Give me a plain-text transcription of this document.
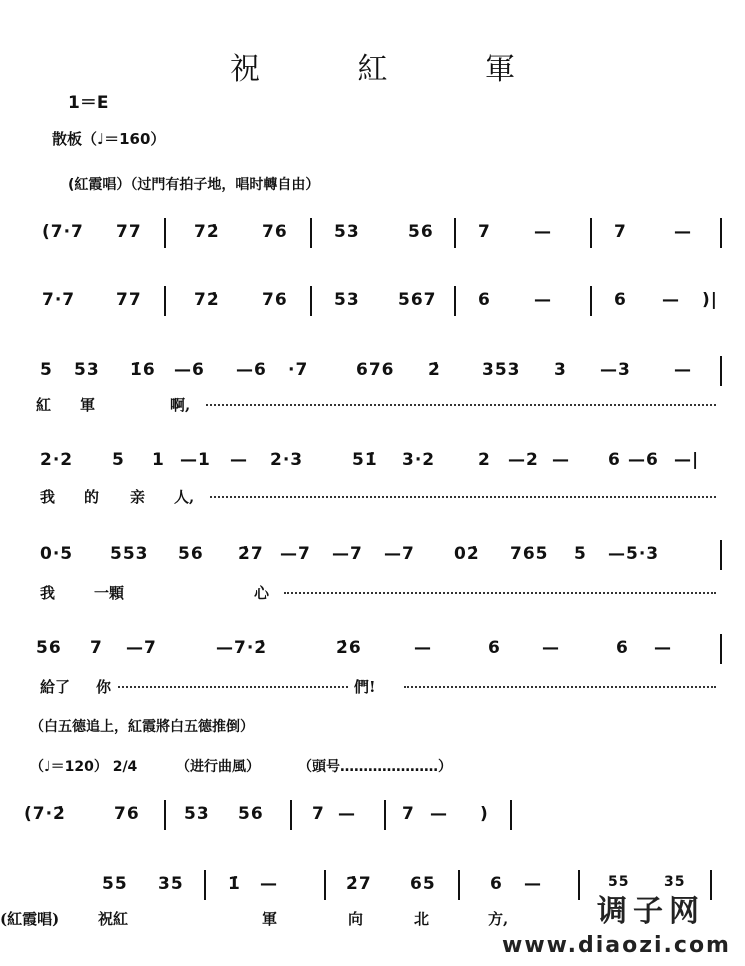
祝 紅 軍
1＝E
散板（♩＝160）
(紅霞唱）（过門有拍子地，唱时轉自由）
(7·7 77	72̇ 76	53	56	7	—	7	—
7·7 77	72̇ 76	53 567 6	—	6 — )|
5 53 1̇6 —6 —6 ·7	676 2̇ 353 3 —3	—
紅 軍	啊,
2·2 5 1 —1 — 2·3	51̇ 3·2	2 —2 — 6 —6 —|
我 的 亲 人,
0·5 553 56 2̇7 —7 —7 —7 02̇ 765 5 —5·3
我	一顆	心
56 7 —7	—7·2̇	2̇6	—	6 —	6 —
給了 你	們!
（白五德追上，紅霞將白五德推倒）
（♩＝120） 2/4	（进行曲風）	（頭号…………………）
(7·2̇	76	53 56	7 —	7 — )
55 35	1̇ —	2̇7 65	6 —	55 35
(紅霞唱)	祝紅	軍	向	北	方,	调子网
www.diaozi.com
